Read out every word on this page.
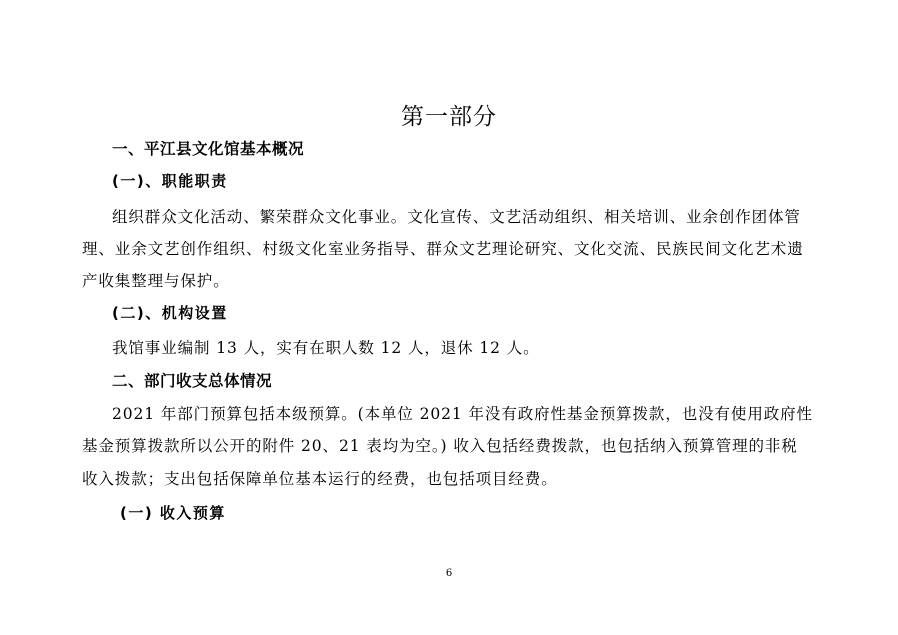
第一部分
一、平江县文化馆基本概况
(一)、职能职责
组织群众文化活动、繁荣群众文化事业。文化宣传、文艺活动组织、相关培训、业余创作团体管
理、业余文艺创作组织、村级文化室业务指导、群众文艺理论研究、文化交流、民族民间文化艺术遗
产收集整理与保护。
(二)、机构设置
我馆事业编制 13 人，实有在职人数 12 人，退休 12 人。
二、部门收支总体情况
2021 年部门预算包括本级预算。(本单位 2021 年没有政府性基金预算拨款，也没有使用政府性
基金预算拨款所以公开的附件 20、21 表均为空。) 收入包括经费拨款，也包括纳入预算管理的非税
收入拨款；支出包括保障单位基本运行的经费，也包括项目经费。
(一) 收入预算
6
